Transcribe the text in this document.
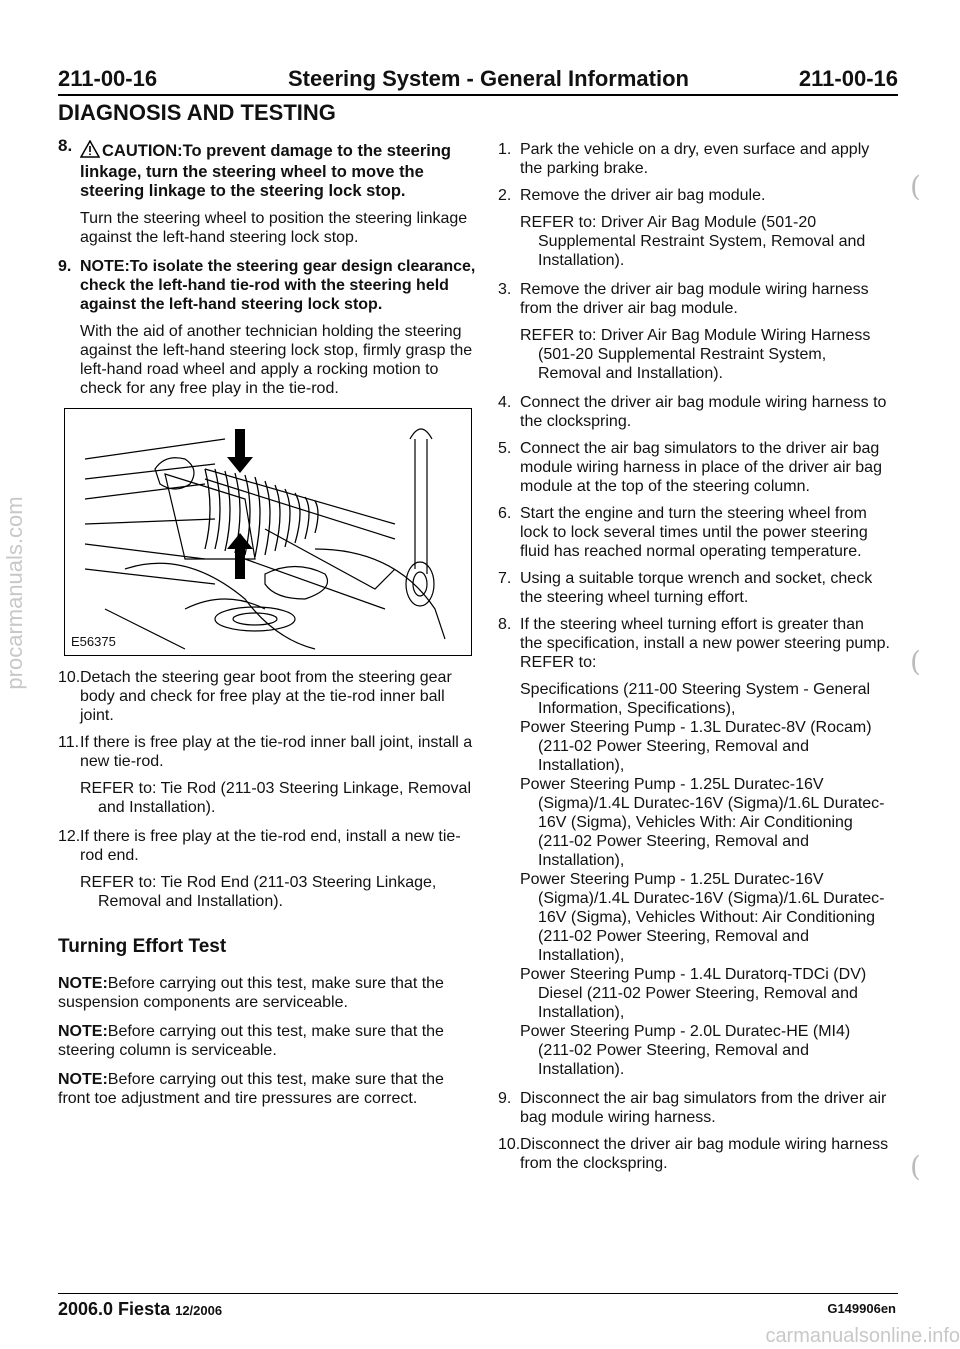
211-00-16	Steering System - General Information	211-00-16
DIAGNOSIS AND TESTING
8.	CAUTION:To prevent damage to the steering linkage, turn the steering wheel to move the steering linkage to the steering lock stop.
Turn the steering wheel to position the steering linkage against the left-hand steering lock stop.
9. NOTE:To isolate the steering gear design clearance, check the left-hand tie-rod with the steering held against the left-hand steering lock stop.
With the aid of another technician holding the steering against the left-hand steering lock stop, firmly grasp the left-hand road wheel and apply a rocking motion to check for any free play in the tie-rod.
E56375
10. Detach the steering gear boot from the steering gear body and check for free play at the tie-rod inner ball joint.
11. If there is free play at the tie-rod inner ball joint, install a new tie-rod.
REFER to: Tie Rod (211-03 Steering Linkage, Removal and Installation).
12. If there is free play at the tie-rod end, install a new tie-rod end.
REFER to: Tie Rod End (211-03 Steering Linkage, Removal and Installation).
Turning Effort Test
NOTE:Before carrying out this test, make sure that the suspension components are serviceable.
NOTE:Before carrying out this test, make sure that the steering column is serviceable.
NOTE:Before carrying out this test, make sure that the front toe adjustment and tire pressures are correct.
1. Park the vehicle on a dry, even surface and apply the parking brake.
2. Remove the driver air bag module.
REFER to: Driver Air Bag Module (501-20 Supplemental Restraint System, Removal and Installation).
3. Remove the driver air bag module wiring harness from the driver air bag module.
REFER to: Driver Air Bag Module Wiring Harness (501-20 Supplemental Restraint System, Removal and Installation).
4. Connect the driver air bag module wiring harness to the clockspring.
5. Connect the air bag simulators to the driver air bag module wiring harness in place of the driver air bag module at the top of the steering column.
6. Start the engine and turn the steering wheel from lock to lock several times until the power steering fluid has reached normal operating temperature.
7. Using a suitable torque wrench and socket, check the steering wheel turning effort.
8. If the steering wheel turning effort is greater than the specification, install a new power steering pump. REFER to:
Specifications (211-00 Steering System - General Information, Specifications),
Power Steering Pump - 1.3L Duratec-8V (Rocam) (211-02 Power Steering, Removal and Installation),
Power Steering Pump - 1.25L Duratec-16V (Sigma)/1.4L Duratec-16V (Sigma)/1.6L Duratec-16V (Sigma), Vehicles With: Air Conditioning (211-02 Power Steering, Removal and Installation),
Power Steering Pump - 1.25L Duratec-16V (Sigma)/1.4L Duratec-16V (Sigma)/1.6L Duratec-16V (Sigma), Vehicles Without: Air Conditioning (211-02 Power Steering, Removal and Installation),
Power Steering Pump - 1.4L Duratorq-TDCi (DV) Diesel (211-02 Power Steering, Removal and Installation),
Power Steering Pump - 2.0L Duratec-HE (MI4) (211-02 Power Steering, Removal and Installation).
9. Disconnect the air bag simulators from the driver air bag module wiring harness.
10. Disconnect the driver air bag module wiring harness from the clockspring.
(
(
(
2006.0 Fiesta 12/2006	G149906en
procarmanuals.com
carmanualsonline.info
